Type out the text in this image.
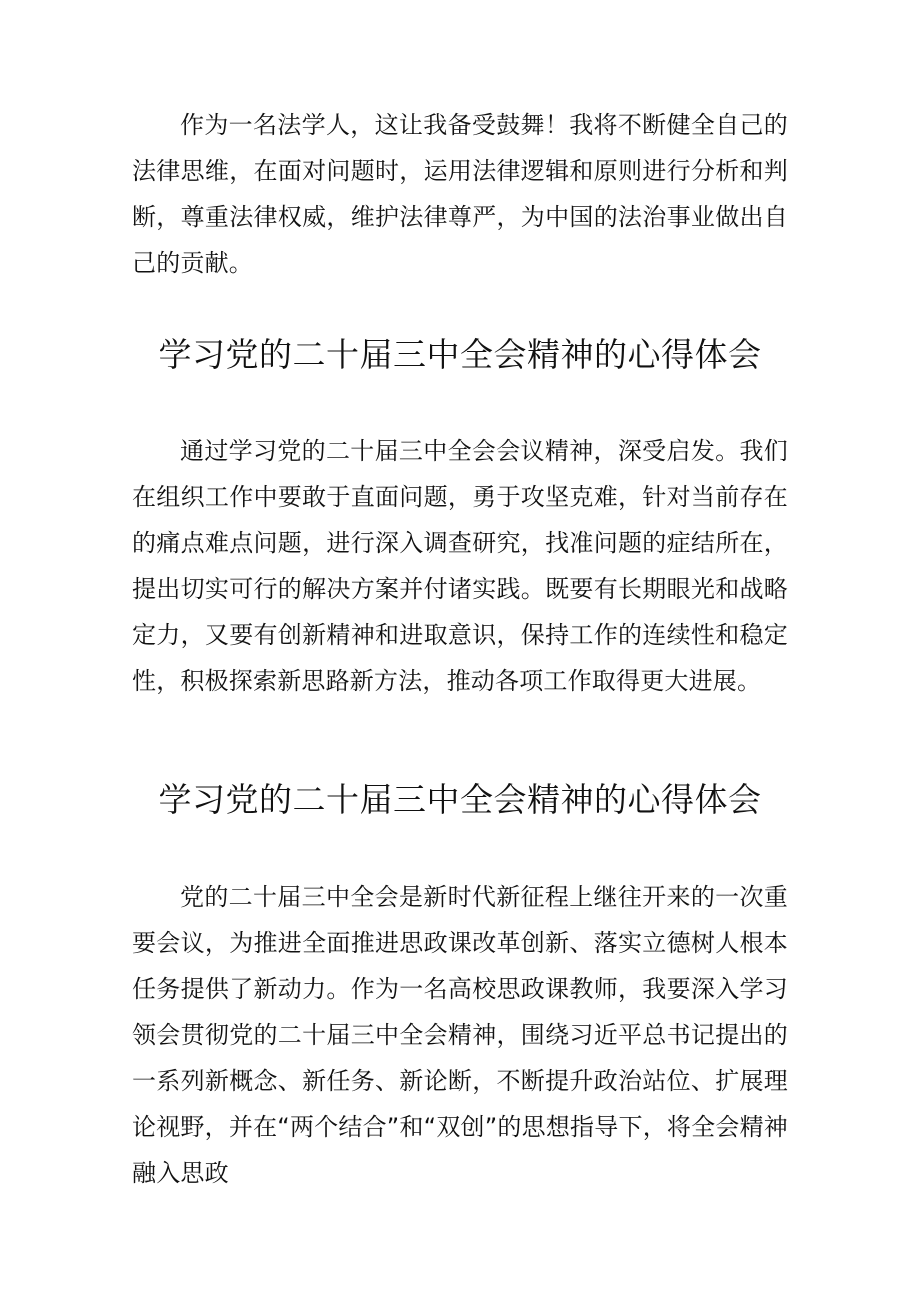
作为一名法学人，这让我备受鼓舞！我将不断健全自己的法律思维，在面对问题时，运用法律逻辑和原则进行分析和判断，尊重法律权威，维护法律尊严，为中国的法治事业做出自己的贡献。

学习党的二十届三中全会精神的心得体会

通过学习党的二十届三中全会会议精神，深受启发。我们在组织工作中要敢于直面问题，勇于攻坚克难，针对当前存在的痛点难点问题，进行深入调查研究，找准问题的症结所在，提出切实可行的解决方案并付诸实践。既要有长期眼光和战略定力，又要有创新精神和进取意识，保持工作的连续性和稳定性，积极探索新思路新方法，推动各项工作取得更大进展。

学习党的二十届三中全会精神的心得体会

党的二十届三中全会是新时代新征程上继往开来的一次重要会议，为推进全面推进思政课改革创新、落实立德树人根本任务提供了新动力。作为一名高校思政课教师，我要深入学习领会贯彻党的二十届三中全会精神，围绕习近平总书记提出的一系列新概念、新任务、新论断，不断提升政治站位、扩展理论视野，并在“两个结合”和“双创”的思想指导下，将全会精神融入思政
